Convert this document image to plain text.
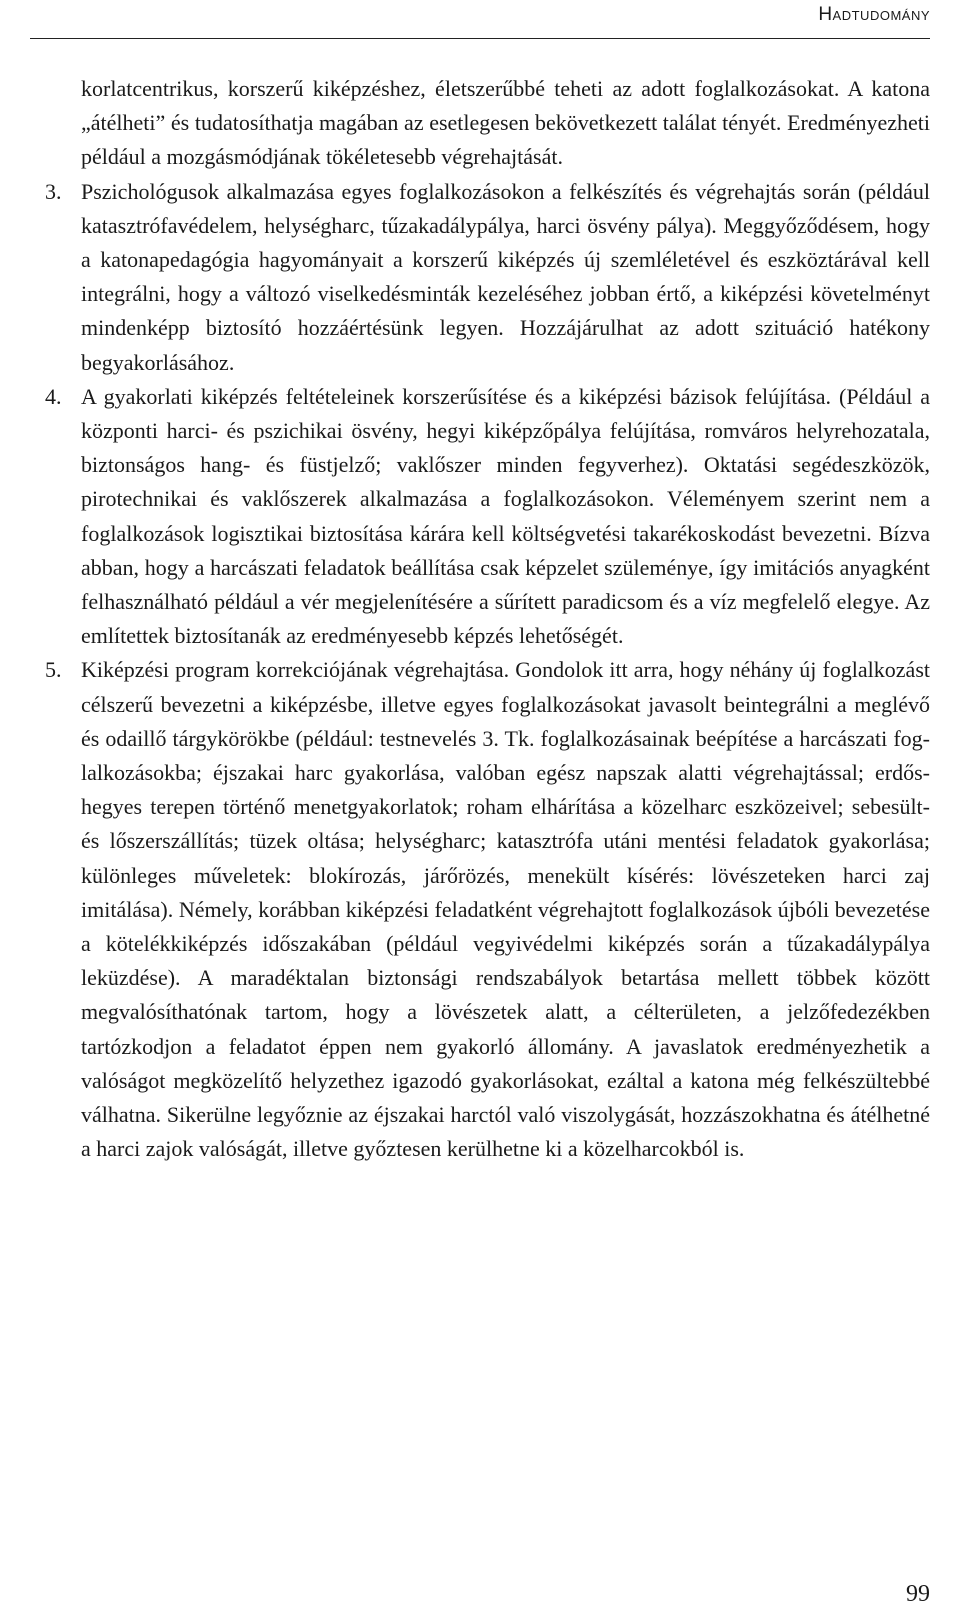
Hadtudomány

korlatcentrikus, korszerű kiképzéshez, életszerűbbé teheti az adott foglalkozásokat. A katona „átélheti” és tudatosíthatja magában az esetlegesen bekövetkezett találat tényét. Eredményezheti például a mozgásmódjának tökéletesebb végrehajtását.

3. Pszichológusok alkalmazása egyes foglalkozásokon a felkészítés és végrehajtás során (például katasztrófavédelem, helységharc, tűzakadálypálya, harci ösvény pálya). Meggyőződésem, hogy a katonapedagógia hagyományait a korszerű kiképzés új szemléletével és eszköztárával kell integrálni, hogy a változó viselkedésminták kezeléséhez jobban értő, a kiképzési követelményt mindenképp biztosító hozzáértésünk legyen. Hozzájárulhat az adott szituáció hatékony begyakorlásához.

4. A gyakorlati kiképzés feltételeinek korszerűsítése és a kiképzési bázisok felújítása. (Például a központi harci- és pszichikai ösvény, hegyi kiképzőpálya felújítása, romváros helyrehozatala, biztonságos hang- és füstjelző; vaklőszer minden fegyverhez). Oktatási segédeszközök, pirotechnikai és vaklőszerek alkalmazása a foglalkozásokon. Véleményem szerint nem a foglalkozások logisztikai biztosítása kárára kell költségvetési takarékoskodást bevezetni. Bízva abban, hogy a harcászati feladatok beállítása csak képzelet szüleménye, így imitációs anyagként felhasználható például a vér megjelenítésére a sűrített paradicsom és a víz megfelelő elegye. Az említettek biztosítanák az eredményesebb képzés lehetőségét.

5. Kiképzési program korrekciójának végrehajtása. Gondolok itt arra, hogy néhány új foglalkozást célszerű bevezetni a kiképzésbe, illetve egyes foglalkozásokat javasolt beintegrálni a meglévő és odaillő tárgykörökbe (például: testnevelés 3. Tk. foglalkozásainak beépítése a harcászati foglalkozásokba; éjszakai harc gyakorlása, valóban egész napszak alatti végrehajtással; erdős-hegyes terepen történő menetgyakorlatok; roham elhárítása a közelharc eszközeivel; sebesült- és lőszerszállítás; tüzek oltása; helységharc; katasztrófa utáni mentési feladatok gyakorlása; különleges műveletek: blokírozás, járőrözés, menekült kísérés: lövészeteken harci zaj imitálása). Némely, korábban kiképzési feladatként végrehajtott foglalkozások újbóli bevezetése a kötelékkiképzés időszakában (például vegyivédelmi kiképzés során a tűzakadálypálya leküzdése). A maradéktalan biztonsági rendszabályok betartása mellett többek között megvalósíthatónak tartom, hogy a lövészetek alatt, a célterületen, a jelzőfedezékben tartózkodjon a feladatot éppen nem gyakorló állomány. A javaslatok eredményezhetik a valóságot megközelítő helyzethez igazodó gyakorlásokat, ezáltal a katona még felkészültebbé válhatna. Sikerülne legyőznie az éjszakai harctól való viszolygását, hozzászokhatna és átélhetné a harci zajok valóságát, illetve győztesen kerülhetne ki a közelharcokból is.

99
